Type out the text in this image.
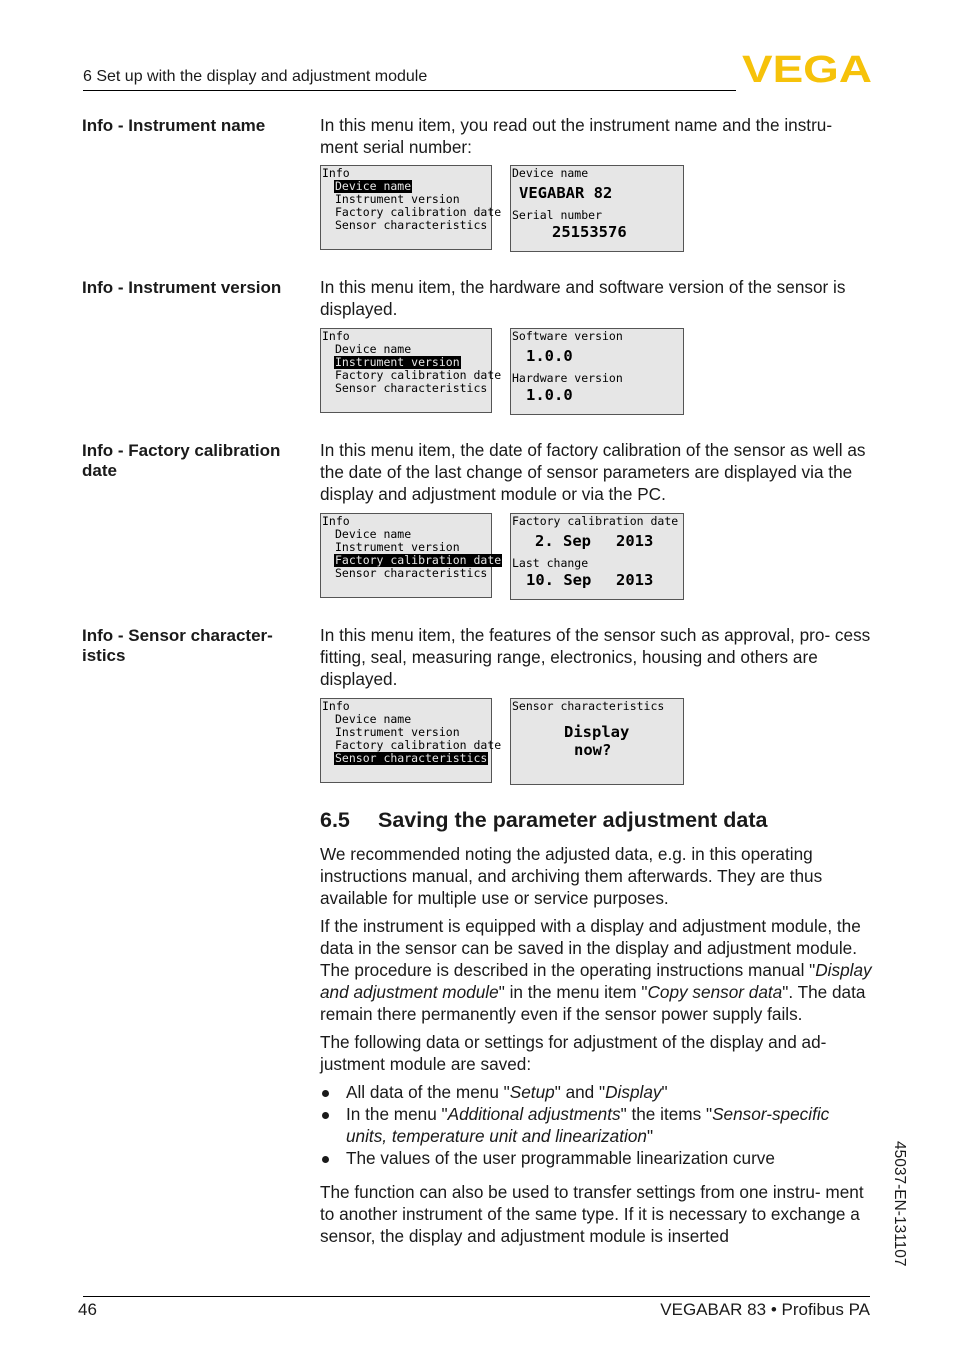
6 Set up with the display and adjustment module	VEGA
Info - Instrument name	In this menu item, you read out the instrument name and the instru- ment serial number:

Info
Device name
Instrument version
Factory calibration date
Sensor characteristics
Device name
VEGABAR 82
Serial number
25153576
Info - Instrument version	In this menu item, the hardware and software version of the sensor is displayed.

Info
Device name
Instrument version
Factory calibration date
Sensor characteristics
Software version
1.0.0
Hardware version
1.0.0
Info - Factory calibration
date

In this menu item, the date of factory calibration of the sensor as well as the date of the last change of sensor parameters are displayed via the display and adjustment module or via the PC.

Info
Device name
Instrument version
Factory calibration date
Sensor characteristics
Factory calibration date
2. Sep 2013
Last change
10. Sep 2013
Info - Sensor character-
istics

In this menu item, the features of the sensor such as approval, pro- cess fitting, seal, measuring range, electronics, housing and others are displayed.

Info
Device name
Instrument version
Factory calibration date
Sensor characteristics
Sensor characteristics
Display
now?
6.5 Saving the parameter adjustment data

We recommended noting the adjusted data, e.g. in this operating instructions manual, and archiving them afterwards. They are thus available for multiple use or service purposes.

If the instrument is equipped with a display and adjustment module, the data in the sensor can be saved in the display and adjustment module. The procedure is described in the operating instructions manual "Display and adjustment module" in the menu item "Copy sensor data". The data remain there permanently even if the sensor power supply fails.

The following data or settings for adjustment of the display and ad- justment module are saved:

All data of the menu "Setup" and "Display"
In the menu "Additional adjustments" the items "Sensor-specific units, temperature unit and linearization"
The values of the user programmable linearization curve

The function can also be used to transfer settings from one instru- ment to another instrument of the same type. If it is necessary to exchange a sensor, the display and adjustment module is inserted	45037-EN-131107
46	VEGABAR 83 • Profibus PA
